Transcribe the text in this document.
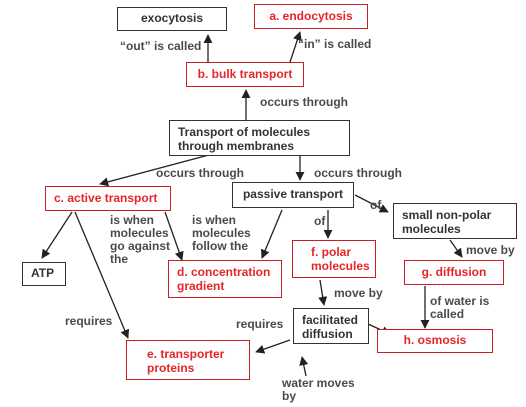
exocytosis	a. endocytosis
“out” is called	“in” is called
b. bulk transport
occurs through
Transport of molecules
through membranes
occurs through	occurs through
c. active transport	passive transport
of
small non-polar
molecules
is when
molecules
go against
the
is when
molecules
follow the
of
move by
ATP	d. concentration
gradient
f. polar
molecules	g. diffusion
move by
of water is
called
requires	requires facilitated
diffusion	h. osmosis
e. transporter
proteins
water moves
by
